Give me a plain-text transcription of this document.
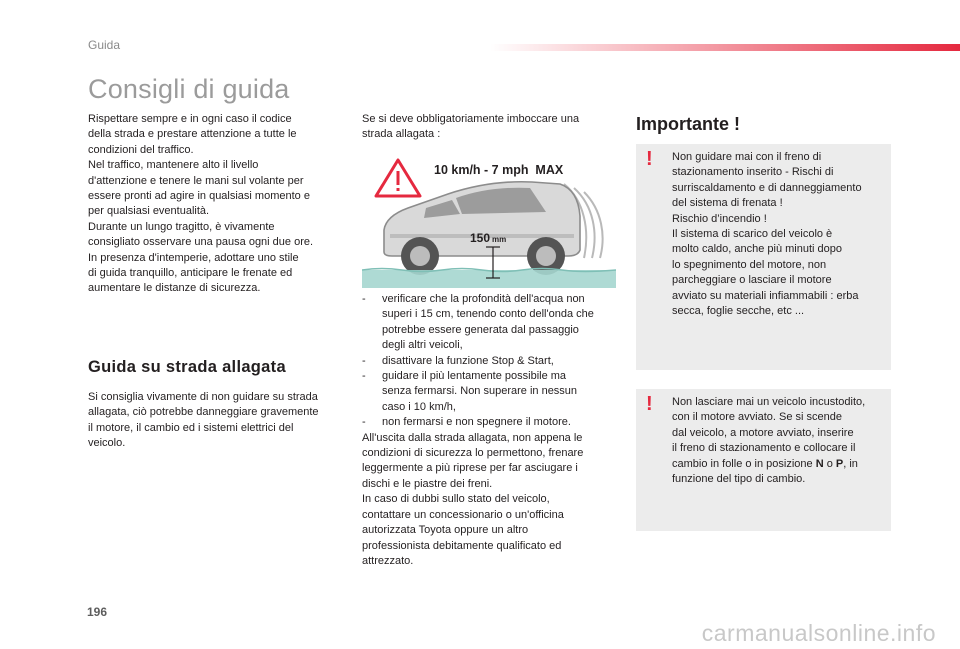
Guida
Consigli di guida

Rispettare sempre e in ogni caso il codice

della strada e prestare attenzione a tutte le

condizioni del traffico.

Nel traffico, mantenere alto il livello

d'attenzione e tenere le mani sul volante per

essere pronti ad agire in qualsiasi momento e

per qualsiasi eventualità.

Durante un lungo tragitto, è vivamente

consigliato osservare una pausa ogni due ore.

In presenza d'intemperie, adottare uno stile

di guida tranquillo, anticipare le frenate ed

aumentare le distanze di sicurezza.

Guida su strada allagata

Si consiglia vivamente di non guidare su strada

allagata, ciò potrebbe danneggiare gravemente

il motore, il cambio ed i sistemi elettrici del

veicolo.

Se si deve obbligatoriamente imboccare una

strada allagata :

10 km/h - 7 mph  MAX
150 mm
-	verificare che la profondità dell'acqua non
superi i 15 cm, tenendo conto dell'onda che
potrebbe essere generata dal passaggio
degli altri veicoli,
-	disattivare la funzione Stop & Start,
-	guidare il più lentamente possibile ma
senza fermarsi. Non superare in nessun
caso i 10 km/h,
-	non fermarsi e non spegnere il motore.

All'uscita dalla strada allagata, non appena le

condizioni di sicurezza lo permettono, frenare

leggermente a più riprese per far asciugare i

dischi e le piastre dei freni.

In caso di dubbi sullo stato del veicolo,

contattare un concessionario o un'officina

autorizzata Toyota oppure un altro

professionista debitamente qualificato ed

attrezzato.

Importante !
! Non guidare mai con il freno di

stazionamento inserito - Rischi di

surriscaldamento e di danneggiamento

del sistema di frenata !

Rischio d’incendio !

Il sistema di scarico del veicolo è

molto caldo, anche più minuti dopo

lo spegnimento del motore, non

parcheggiare o lasciare il motore

avviato su materiali infiammabili : erba

secca, foglie secche, etc ...

! Non lasciare mai un veicolo incustodito,

con il motore avviato. Se si scende

dal veicolo, a motore avviato, inserire

il freno di stazionamento e collocare il

cambio in folle o in posizione N o P, in

funzione del tipo di cambio.

196
carmanualsonline.info
